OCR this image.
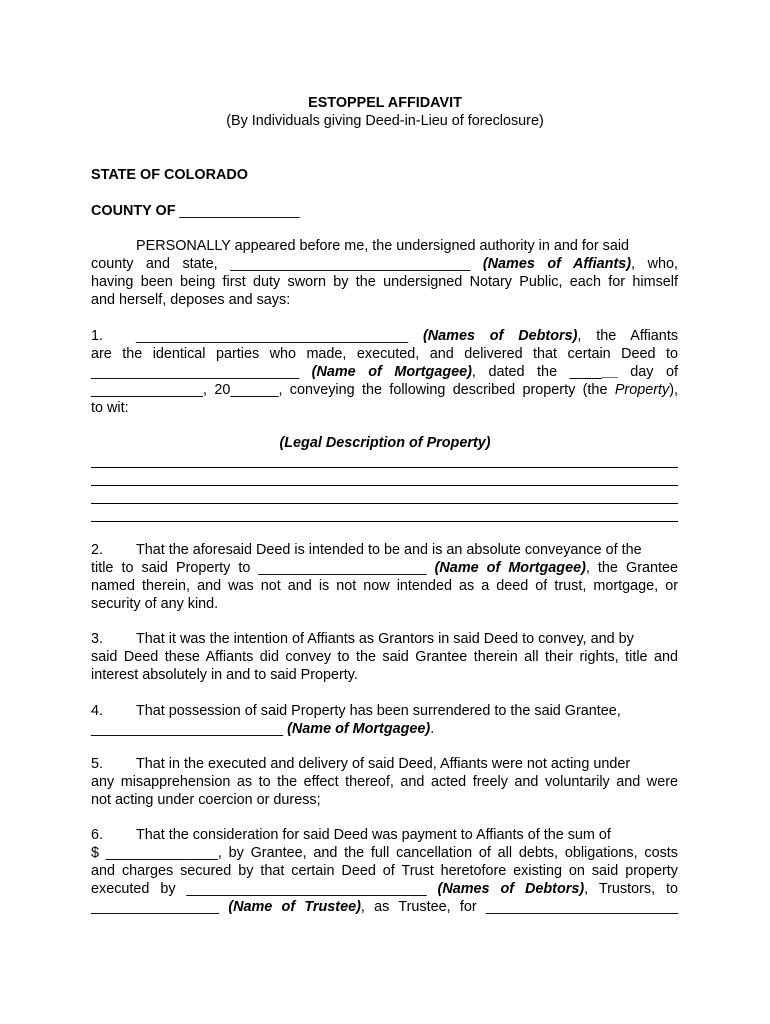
ESTOPPEL AFFIDAVIT
(By Individuals giving Deed-in-Lieu of foreclosure)
STATE OF COLORADO
COUNTY OF _______________
PERSONALLY appeared before me, the undersigned authority in and for said
county and state, ______________________________ (Names of Affiants), who,
having been being first duty sworn by the undersigned Notary Public, each for himself
and herself, deposes and says:
1. __________________________________ (Names of Debtors), the Affiants
are the identical parties who made, executed, and delivered that certain Deed to
__________________________ (Name of Mortgagee), dated the ______ day of
______________, 20______, conveying the following described property (the Property),
to wit:
(Legal Description of Property)
2. That the aforesaid Deed is intended to be and is an absolute conveyance of the
title to said Property to _____________________ (Name of Mortgagee), the Grantee
named therein, and was not and is not now intended as a deed of trust, mortgage, or
security of any kind.
3. That it was the intention of Affiants as Grantors in said Deed to convey, and by
said Deed these Affiants did convey to the said Grantee therein all their rights, title and
interest absolutely in and to said Property.
4. That possession of said Property has been surrendered to the said Grantee,
________________________ (Name of Mortgagee).
5. That in the executed and delivery of said Deed, Affiants were not acting under
any misapprehension as to the effect thereof, and acted freely and voluntarily and were
not acting under coercion or duress;
6. That the consideration for said Deed was payment to Affiants of the sum of
$ ______________, by Grantee, and the full cancellation of all debts, obligations, costs
and charges secured by that certain Deed of Trust heretofore existing on said property
executed by ______________________________ (Names of Debtors), Trustors, to
________________ (Name of Trustee), as Trustee, for ________________________
